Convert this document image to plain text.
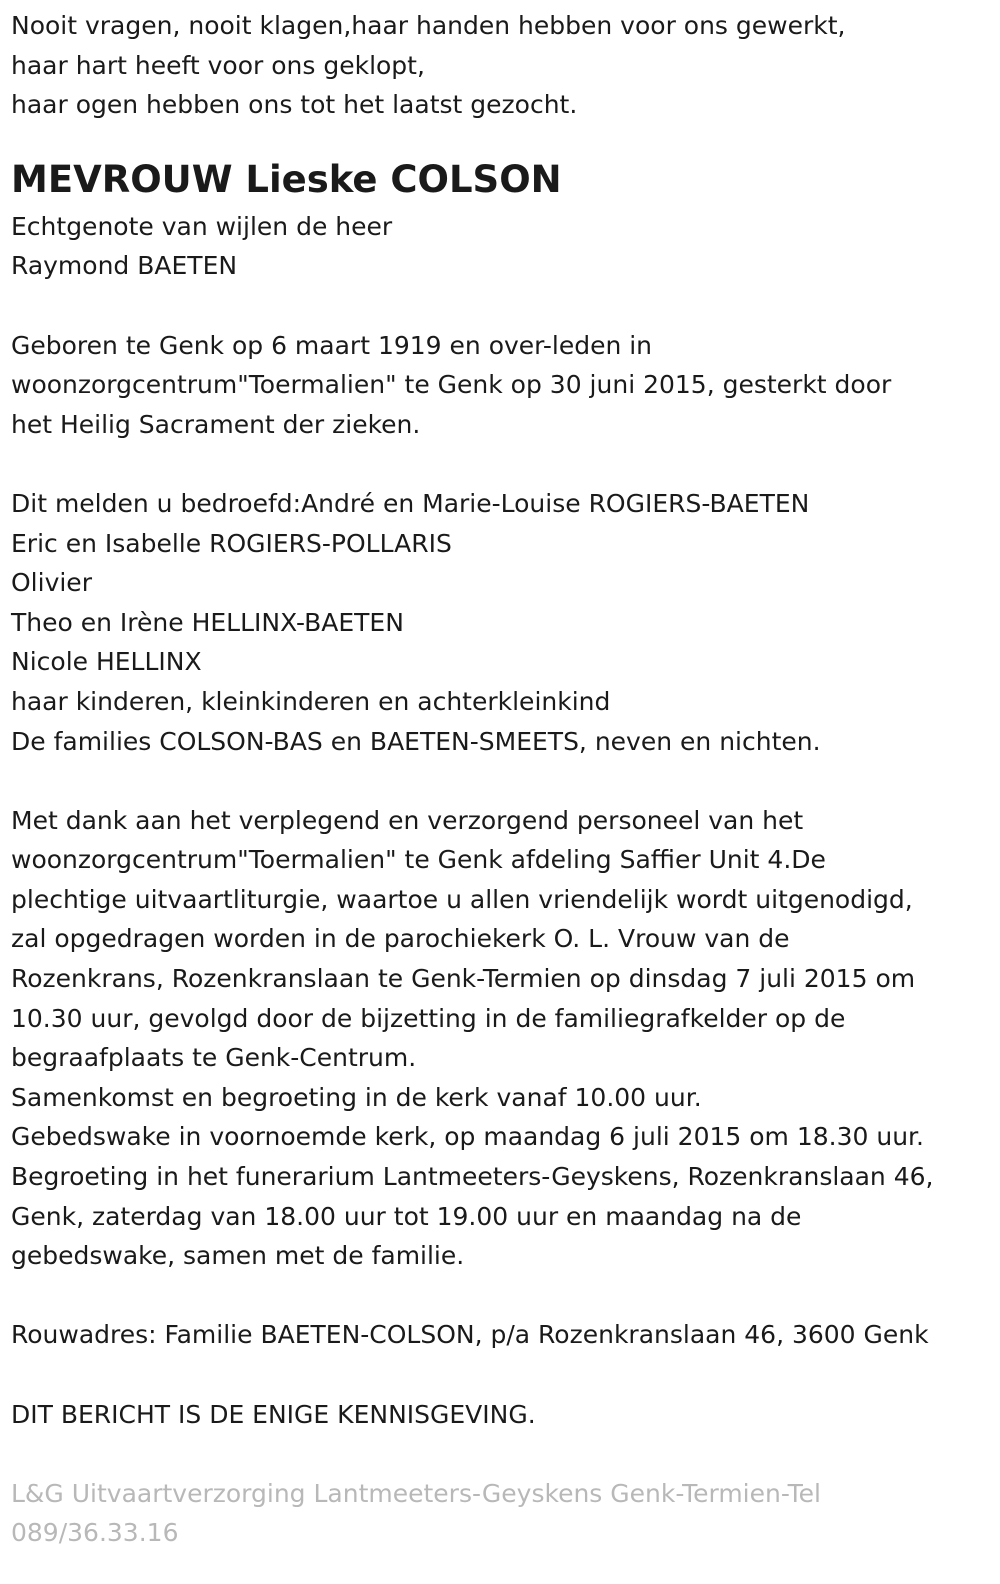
Nooit vragen, nooit klagen,haar handen hebben voor ons gewerkt,
haar hart heeft voor ons geklopt,
haar ogen hebben ons tot het laatst gezocht.
MEVROUW Lieske COLSON
Echtgenote van wijlen de heer
Raymond BAETEN
Geboren te Genk op 6 maart 1919 en over-leden in
woonzorgcentrum"Toermalien" te Genk op 30 juni 2015, gesterkt door
het Heilig Sacrament der zieken.
Dit melden u bedroefd:André en Marie-Louise ROGIERS-BAETEN
Eric en Isabelle ROGIERS-POLLARIS
Olivier
Theo en Irène HELLINX-BAETEN
Nicole HELLINX
haar kinderen, kleinkinderen en achterkleinkind
De families COLSON-BAS en BAETEN-SMEETS, neven en nichten.
Met dank aan het verplegend en verzorgend personeel van het
woonzorgcentrum"Toermalien" te Genk afdeling Saffier Unit 4.De
plechtige uitvaartliturgie, waartoe u allen vriendelijk wordt uitgenodigd,
zal opgedragen worden in de parochiekerk O. L. Vrouw van de
Rozenkrans, Rozenkranslaan te Genk-Termien op dinsdag 7 juli 2015 om
10.30 uur, gevolgd door de bijzetting in de familiegrafkelder op de
begraafplaats te Genk-Centrum.
Samenkomst en begroeting in de kerk vanaf 10.00 uur.
Gebedswake in voornoemde kerk, op maandag 6 juli 2015 om 18.30 uur.
Begroeting in het funerarium Lantmeeters-Geyskens, Rozenkranslaan 46,
Genk, zaterdag van 18.00 uur tot 19.00 uur en maandag na de
gebedswake, samen met de familie.
Rouwadres: Familie BAETEN-COLSON, p/a Rozenkranslaan 46, 3600 Genk
DIT BERICHT IS DE ENIGE KENNISGEVING.
L&G Uitvaartverzorging Lantmeeters-Geyskens Genk-Termien-Tel
089/36.33.16
